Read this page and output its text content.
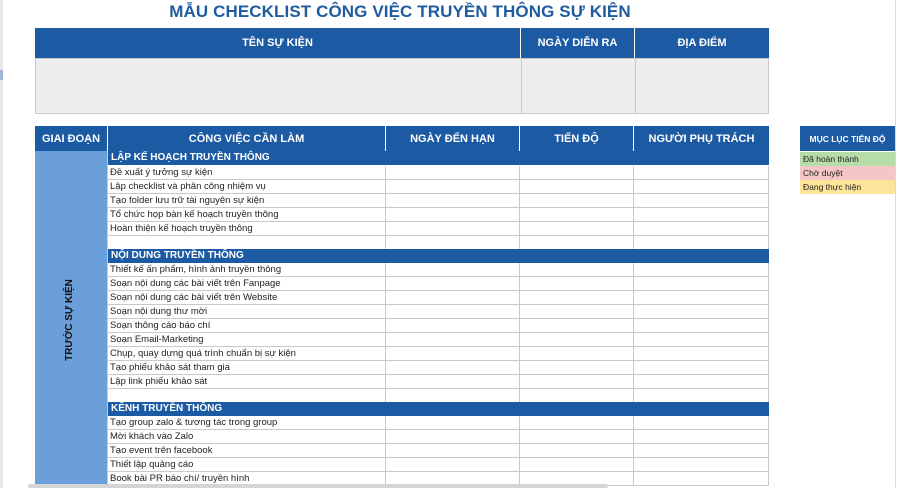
MẪU CHECKLIST CÔNG VIỆC TRUYỀN THÔNG SỰ KIỆN
TÊN SỰ KIỆN	NGÀY DIỄN RA	ĐỊA ĐIỂM
GIAI ĐOẠN	CÔNG VIỆC CẦN LÀM	NGÀY ĐẾN HẠN	TIẾN ĐỘ	NGƯỜI PHỤ TRÁCH
TRƯỚC SỰ KIỆN
LẬP KẾ HOẠCH TRUYỀN THÔNG
Đề xuất ý tưởng sự kiện
Lập checklist và phân công nhiệm vụ
Tạo folder lưu trữ tài nguyên sự kiện
Tổ chức họp bàn kế hoạch truyền thông
Hoàn thiện kế hoạch truyền thông
NỘI DUNG TRUYỀN THÔNG
Thiết kế ấn phẩm, hình ảnh truyền thông
Soạn nội dung các bài viết trên Fanpage
Soạn nội dung các bài viết trên Website
Soạn nội dung thư mời
Soạn thông cáo báo chí
Soạn Email-Marketing
Chụp, quay dựng quá trình chuẩn bị sự kiện
Tạo phiếu khảo sát tham gia
Lập link phiếu khảo sát
KÊNH TRUYỀN THÔNG
Tạo group zalo & tương tác trong group
Mời khách vào Zalo
Tạo event trên facebook
Thiết lập quảng cáo
Book bài PR báo chí/ truyền hình
MỤC LỤC TIẾN ĐỘ
Đã hoàn thành
Chờ duyệt
Đang thực hiện
